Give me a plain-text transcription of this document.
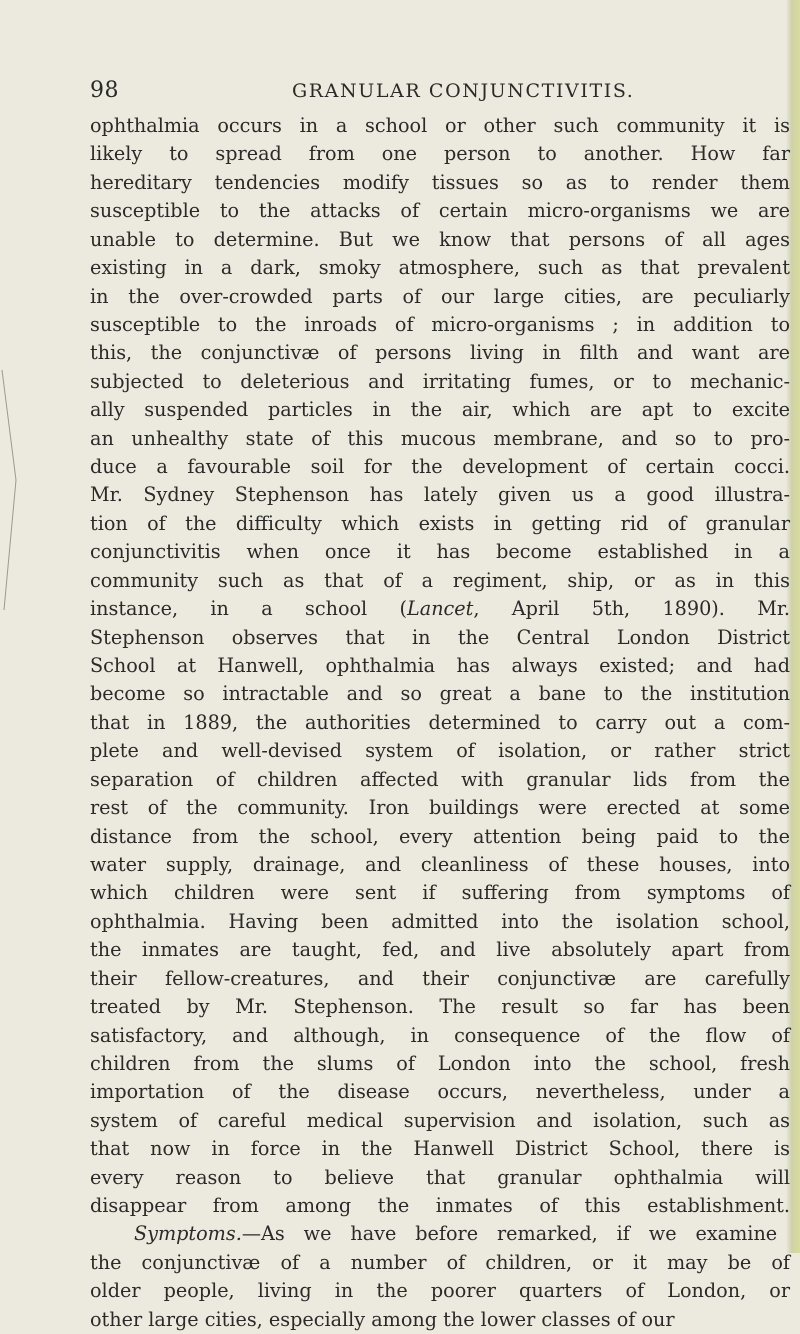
98	GRANULAR CONJUNCTIVITIS.
ophthalmia occurs in a school or other such community it is
likely to spread from one person to another. How far
hereditary tendencies modify tissues so as to render them
susceptible to the attacks of certain micro-organisms we are
unable to determine. But we know that persons of all ages
existing in a dark, smoky atmosphere, such as that prevalent
in the over-crowded parts of our large cities, are peculiarly
susceptible to the inroads of micro-organisms ; in addition to
this, the conjunctivæ of persons living in filth and want are
subjected to deleterious and irritating fumes, or to mechanic-
ally suspended particles in the air, which are apt to excite
an unhealthy state of this mucous membrane, and so to pro-
duce a favourable soil for the development of certain cocci.
Mr. Sydney Stephenson has lately given us a good illustra-
tion of the difficulty which exists in getting rid of granular
conjunctivitis when once it has become established in a
community such as that of a regiment, ship, or as in this
instance, in a school (Lancet, April 5th, 1890). Mr.
Stephenson observes that in the Central London District
School at Hanwell, ophthalmia has always existed; and had
become so intractable and so great a bane to the institution
that in 1889, the authorities determined to carry out a com-
plete and well-devised system of isolation, or rather strict
separation of children affected with granular lids from the
rest of the community. Iron buildings were erected at some
distance from the school, every attention being paid to the
water supply, drainage, and cleanliness of these houses, into
which children were sent if suffering from symptoms of
ophthalmia. Having been admitted into the isolation school,
the inmates are taught, fed, and live absolutely apart from
their fellow-creatures, and their conjunctivæ are carefully
treated by Mr. Stephenson. The result so far has been
satisfactory, and although, in consequence of the flow of
children from the slums of London into the school, fresh
importation of the disease occurs, nevertheless, under a
system of careful medical supervision and isolation, such as
that now in force in the Hanwell District School, there is
every reason to believe that granular ophthalmia will
disappear from among the inmates of this establishment.
Symptoms.—As we have before remarked, if we examine
the conjunctivæ of a number of children, or it may be of
older people, living in the poorer quarters of London, or
other large cities, especially among the lower classes of our
